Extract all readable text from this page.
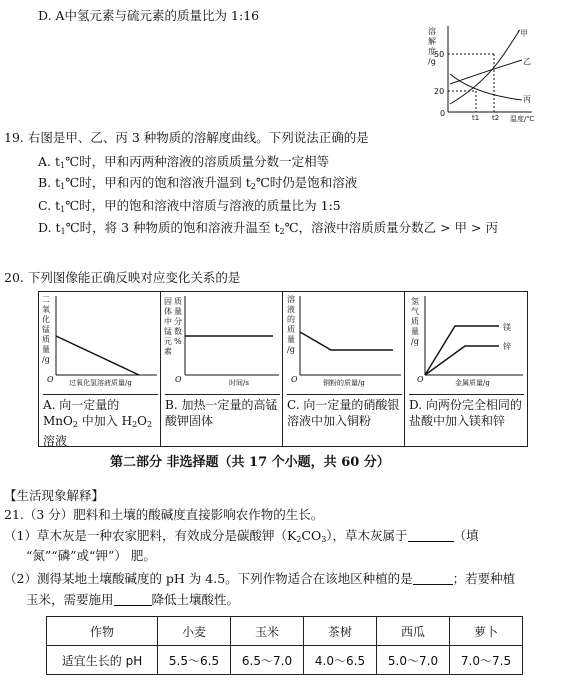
D. A中氢元素与硫元素的质量比为 1:16
溶
解
度
/g
50
20
0	t1 t2 温度/℃
甲
乙
丙
19. 右图是甲、乙、丙 3 种物质的溶解度曲线。下列说法正确的是
A. $t_1℃$时，甲和丙两种溶液的溶质质量分数一定相等
B. $t_1℃$时，甲和丙的饱和溶液升温到 $t_2℃$时仍是饱和溶液
C. $t_1℃$时，甲的饱和溶液中溶质与溶液的质量比为 1:5
D. $t_1℃$时，将 3 种物质的饱和溶液升温至 $t_2℃$，溶液中溶质质量分数乙 > 甲 > 丙
20. 下列图像能正确反映对应变化关系的是
二
氧
化
锰
质
量
/g
O 过氧化氢溶液质量/g
A. 向一定量的 MnO$_2$ 中加入 $H_2O_2$溶液
固
体
中
锰
元
素
质
量
分
数
%
O	时间/s
B. 加热一定量的高锰酸钾固体
溶
液
的
质
量
/g
O	铜粉的质量/g
C. 向一定量的硝酸银溶液中加入铜粉
氢
气
质
量
/g
O	金属质量/g
镁
锌
D. 向两份完全相同的盐酸中加入镁和锌
第二部分 非选择题（共 17 个小题，共 60 分）
【生活现象解释】
21.（3 分）肥料和土壤的酸碱度直接影响农作物的生长。
（1）草木灰是一种农家肥料，有效成分是碳酸钾$(K_2CO_3)$，草木灰属于	（填
“氮”“磷”或“钾”） 肥。
（2）测得某地土壤酸碱度的 pH 为 4.5。下列作物适合在该地区种植的是	；若要种植
玉米，需要施用	降低土壤酸性。
作物	小麦	玉米	茶树	西瓜	萝卜
适宜生长的 pH	5.5～6.5	6.5～7.0	4.0～6.5	5.0～7.0	7.0～7.5
